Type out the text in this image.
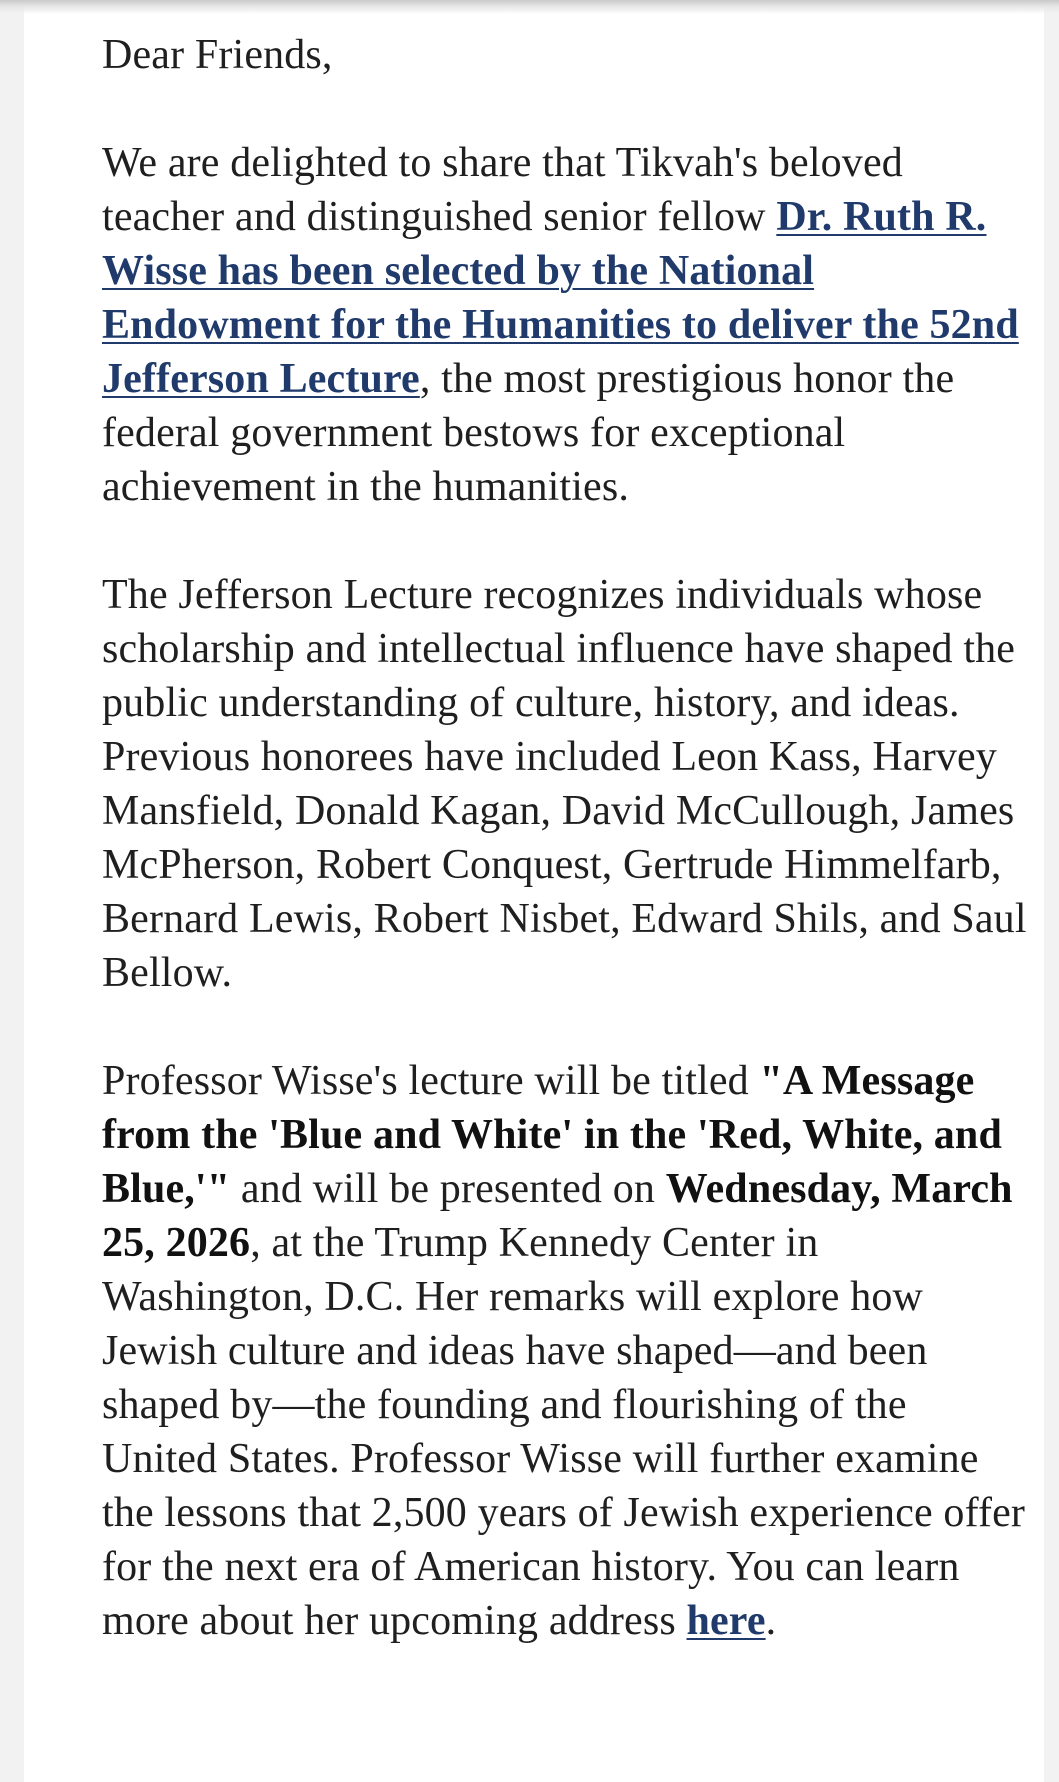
Dear Friends,

We are delighted to share that Tikvah's beloved teacher and distinguished senior fellow Dr. Ruth R. Wisse has been selected by the National Endowment for the Humanities to deliver the 52nd Jefferson Lecture, the most prestigious honor the federal government bestows for exceptional achievement in the humanities.

The Jefferson Lecture recognizes individuals whose scholarship and intellectual influence have shaped the public understanding of culture, history, and ideas. Previous honorees have included Leon Kass, Harvey Mansfield, Donald Kagan, David McCullough, James McPherson, Robert Conquest, Gertrude Himmelfarb, Bernard Lewis, Robert Nisbet, Edward Shils, and Saul Bellow.

Professor Wisse's lecture will be titled "A Message from the 'Blue and White' in the 'Red, White, and Blue,'" and will be presented on Wednesday, March 25, 2026, at the Trump Kennedy Center in Washington, D.C. Her remarks will explore how Jewish culture and ideas have shaped—and been shaped by—the founding and flourishing of the United States. Professor Wisse will further examine the lessons that 2,500 years of Jewish experience offer for the next era of American history. You can learn more about her upcoming address here.
